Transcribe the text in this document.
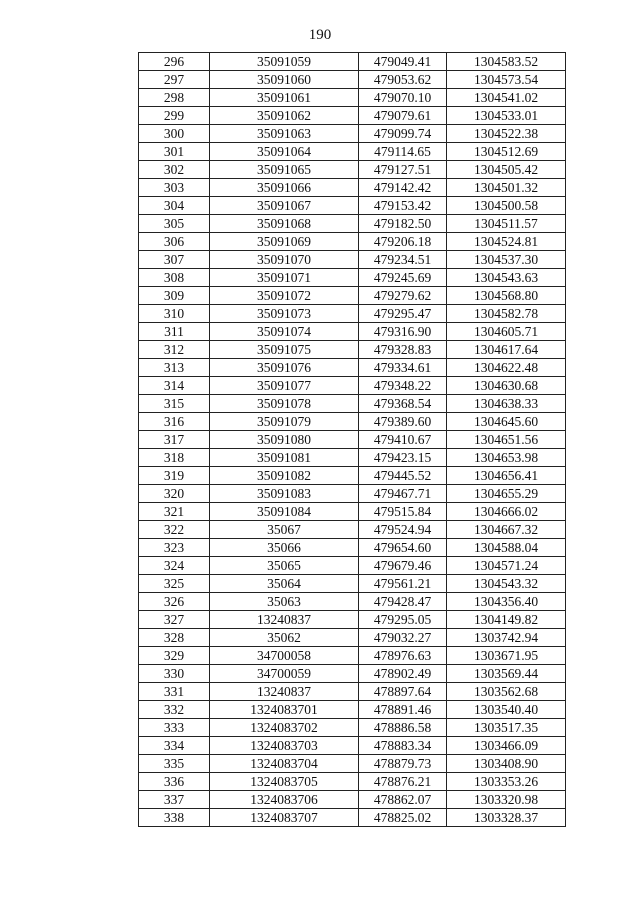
190
296	35091059	479049.41	1304583.52
297	35091060	479053.62	1304573.54
298	35091061	479070.10	1304541.02
299	35091062	479079.61	1304533.01
300	35091063	479099.74	1304522.38
301	35091064	479114.65	1304512.69
302	35091065	479127.51	1304505.42
303	35091066	479142.42	1304501.32
304	35091067	479153.42	1304500.58
305	35091068	479182.50	1304511.57
306	35091069	479206.18	1304524.81
307	35091070	479234.51	1304537.30
308	35091071	479245.69	1304543.63
309	35091072	479279.62	1304568.80
310	35091073	479295.47	1304582.78
311	35091074	479316.90	1304605.71
312	35091075	479328.83	1304617.64
313	35091076	479334.61	1304622.48
314	35091077	479348.22	1304630.68
315	35091078	479368.54	1304638.33
316	35091079	479389.60	1304645.60
317	35091080	479410.67	1304651.56
318	35091081	479423.15	1304653.98
319	35091082	479445.52	1304656.41
320	35091083	479467.71	1304655.29
321	35091084	479515.84	1304666.02
322	35067	479524.94	1304667.32
323	35066	479654.60	1304588.04
324	35065	479679.46	1304571.24
325	35064	479561.21	1304543.32
326	35063	479428.47	1304356.40
327	13240837	479295.05	1304149.82
328	35062	479032.27	1303742.94
329	34700058	478976.63	1303671.95
330	34700059	478902.49	1303569.44
331	13240837	478897.64	1303562.68
332	1324083701	478891.46	1303540.40
333	1324083702	478886.58	1303517.35
334	1324083703	478883.34	1303466.09
335	1324083704	478879.73	1303408.90
336	1324083705	478876.21	1303353.26
337	1324083706	478862.07	1303320.98
338	1324083707	478825.02	1303328.37
